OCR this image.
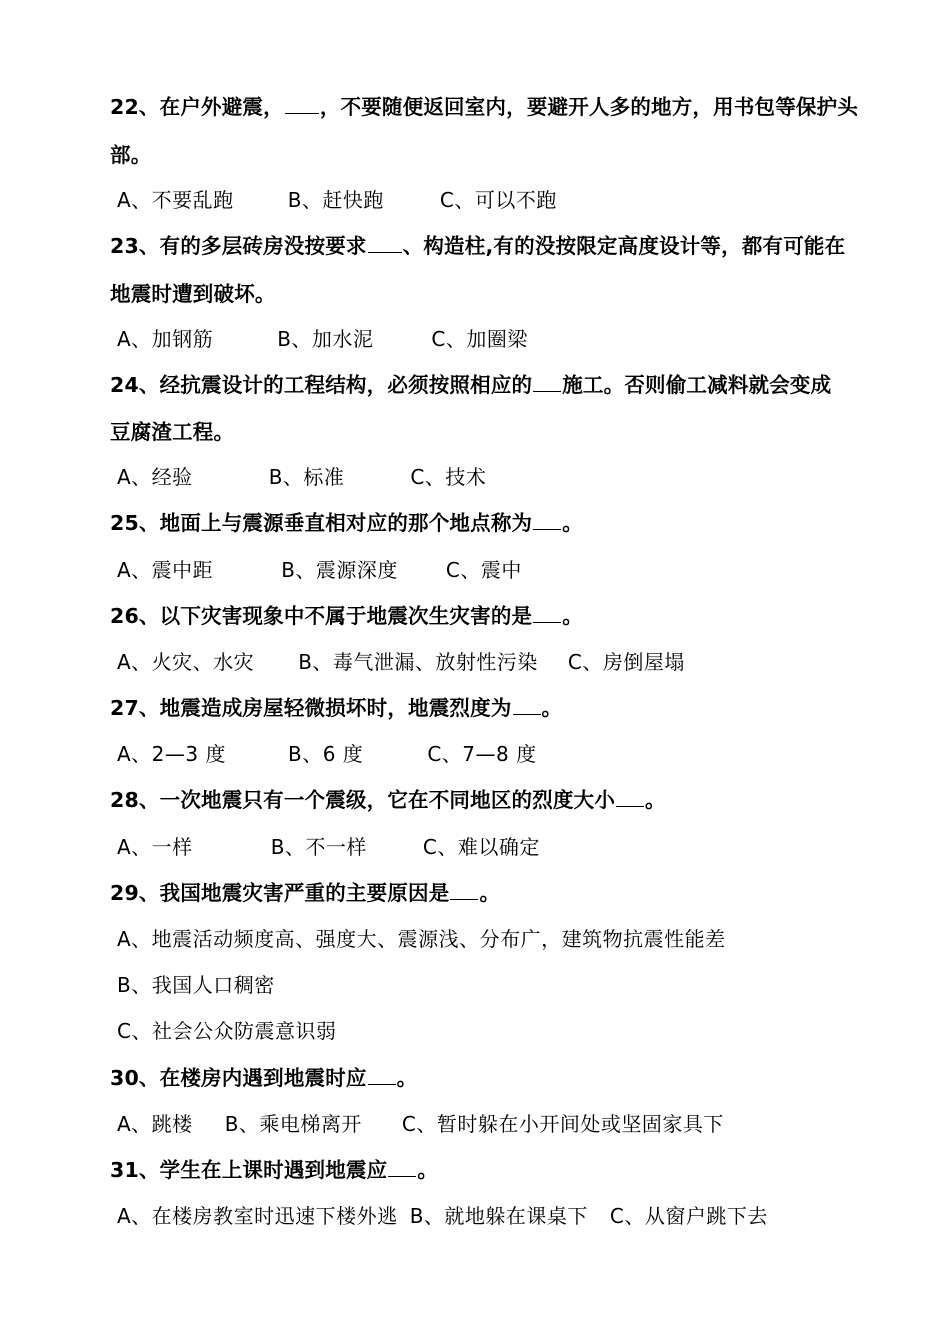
22、在户外避震， ，不要随便返回室内，要避开人多的地方，用书包等保护头
部。
A、不要乱跑	B、赶快跑	C、可以不跑
23、有的多层砖房没按要求 、构造柱,有的没按限定高度设计等，都有可能在
地震时遭到破坏。
A、加钢筋	B、加水泥	C、加圈梁
24、经抗震设计的工程结构，必须按照相应的 施工。否则偷工减料就会变成
豆腐渣工程。
A、经验	B、标准	C、技术
25、地面上与震源垂直相对应的那个地点称为 。
A、震中距	B、震源深度 C、震中
26、以下灾害现象中不属于地震次生灾害的是 。
A、火灾、水灾 B、毒气泄漏、放射性污染 C、房倒屋塌
27、地震造成房屋轻微损坏时，地震烈度为 。
A、2—3 度	B、6 度	C、7—8 度
28、一次地震只有一个震级，它在不同地区的烈度大小 。
A、一样	B、不一样	C、难以确定
29、我国地震灾害严重的主要原因是 。
A、地震活动频度高、强度大、震源浅、分布广，建筑物抗震性能差
B、我国人口稠密
C、社会公众防震意识弱
30、在楼房内遇到地震时应 。
A、跳楼 B、乘电梯离开 C、暂时躲在小开间处或坚固家具下
31、学生在上课时遇到地震应 。
A、在楼房教室时迅速下楼外逃 B、就地躲在课桌下 C、从窗户跳下去
